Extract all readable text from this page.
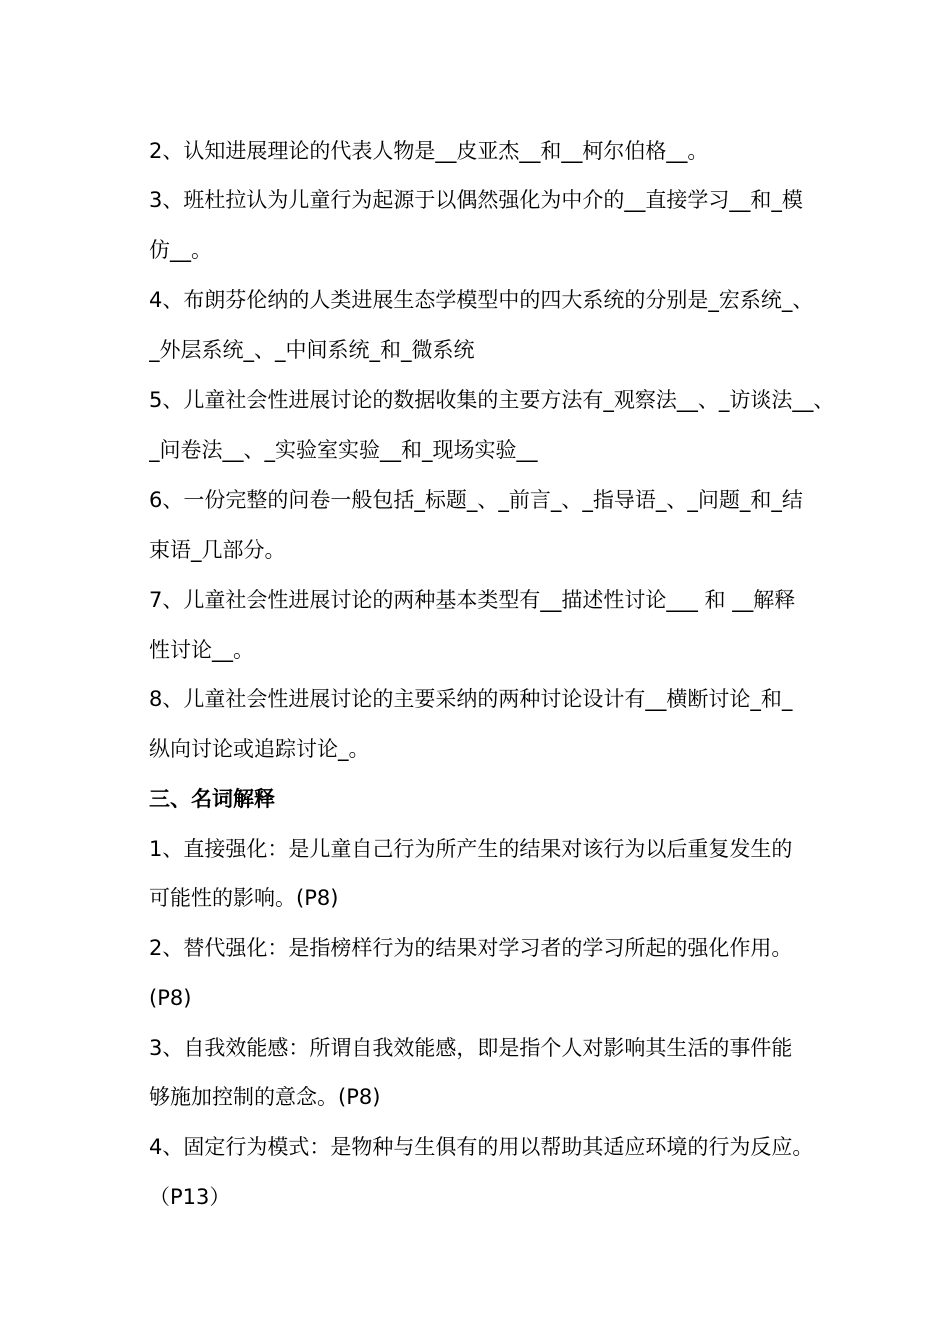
2、认知进展理论的代表人物是__皮亚杰__和__柯尔伯格__。
3、班杜拉认为儿童行为起源于以偶然强化为中介的__直接学习__和_模
仿__。
4、布朗芬伦纳的人类进展生态学模型中的四大系统的分别是_宏系统_、
_外层系统_、_中间系统_和_微系统
5、儿童社会性进展讨论的数据收集的主要方法有_观察法__、_访谈法__、
_问卷法__、_实验室实验__和_现场实验__
6、一份完整的问卷一般包括_标题_、_前言_、_指导语_、_问题_和_结
束语_几部分。
7、儿童社会性进展讨论的两种基本类型有__描述性讨论___ 和 __解释
性讨论__。
8、儿童社会性进展讨论的主要采纳的两种讨论设计有__横断讨论_和_
纵向讨论或追踪讨论_。
三、名词解释
1、直接强化：是儿童自己行为所产生的结果对该行为以后重复发生的
可能性的影响。(P8)
2、替代强化：是指榜样行为的结果对学习者的学习所起的强化作用。
(P8)
3、自我效能感：所谓自我效能感，即是指个人对影响其生活的事件能
够施加控制的意念。(P8)
4、固定行为模式：是物种与生俱有的用以帮助其适应环境的行为反应。
（P13）
